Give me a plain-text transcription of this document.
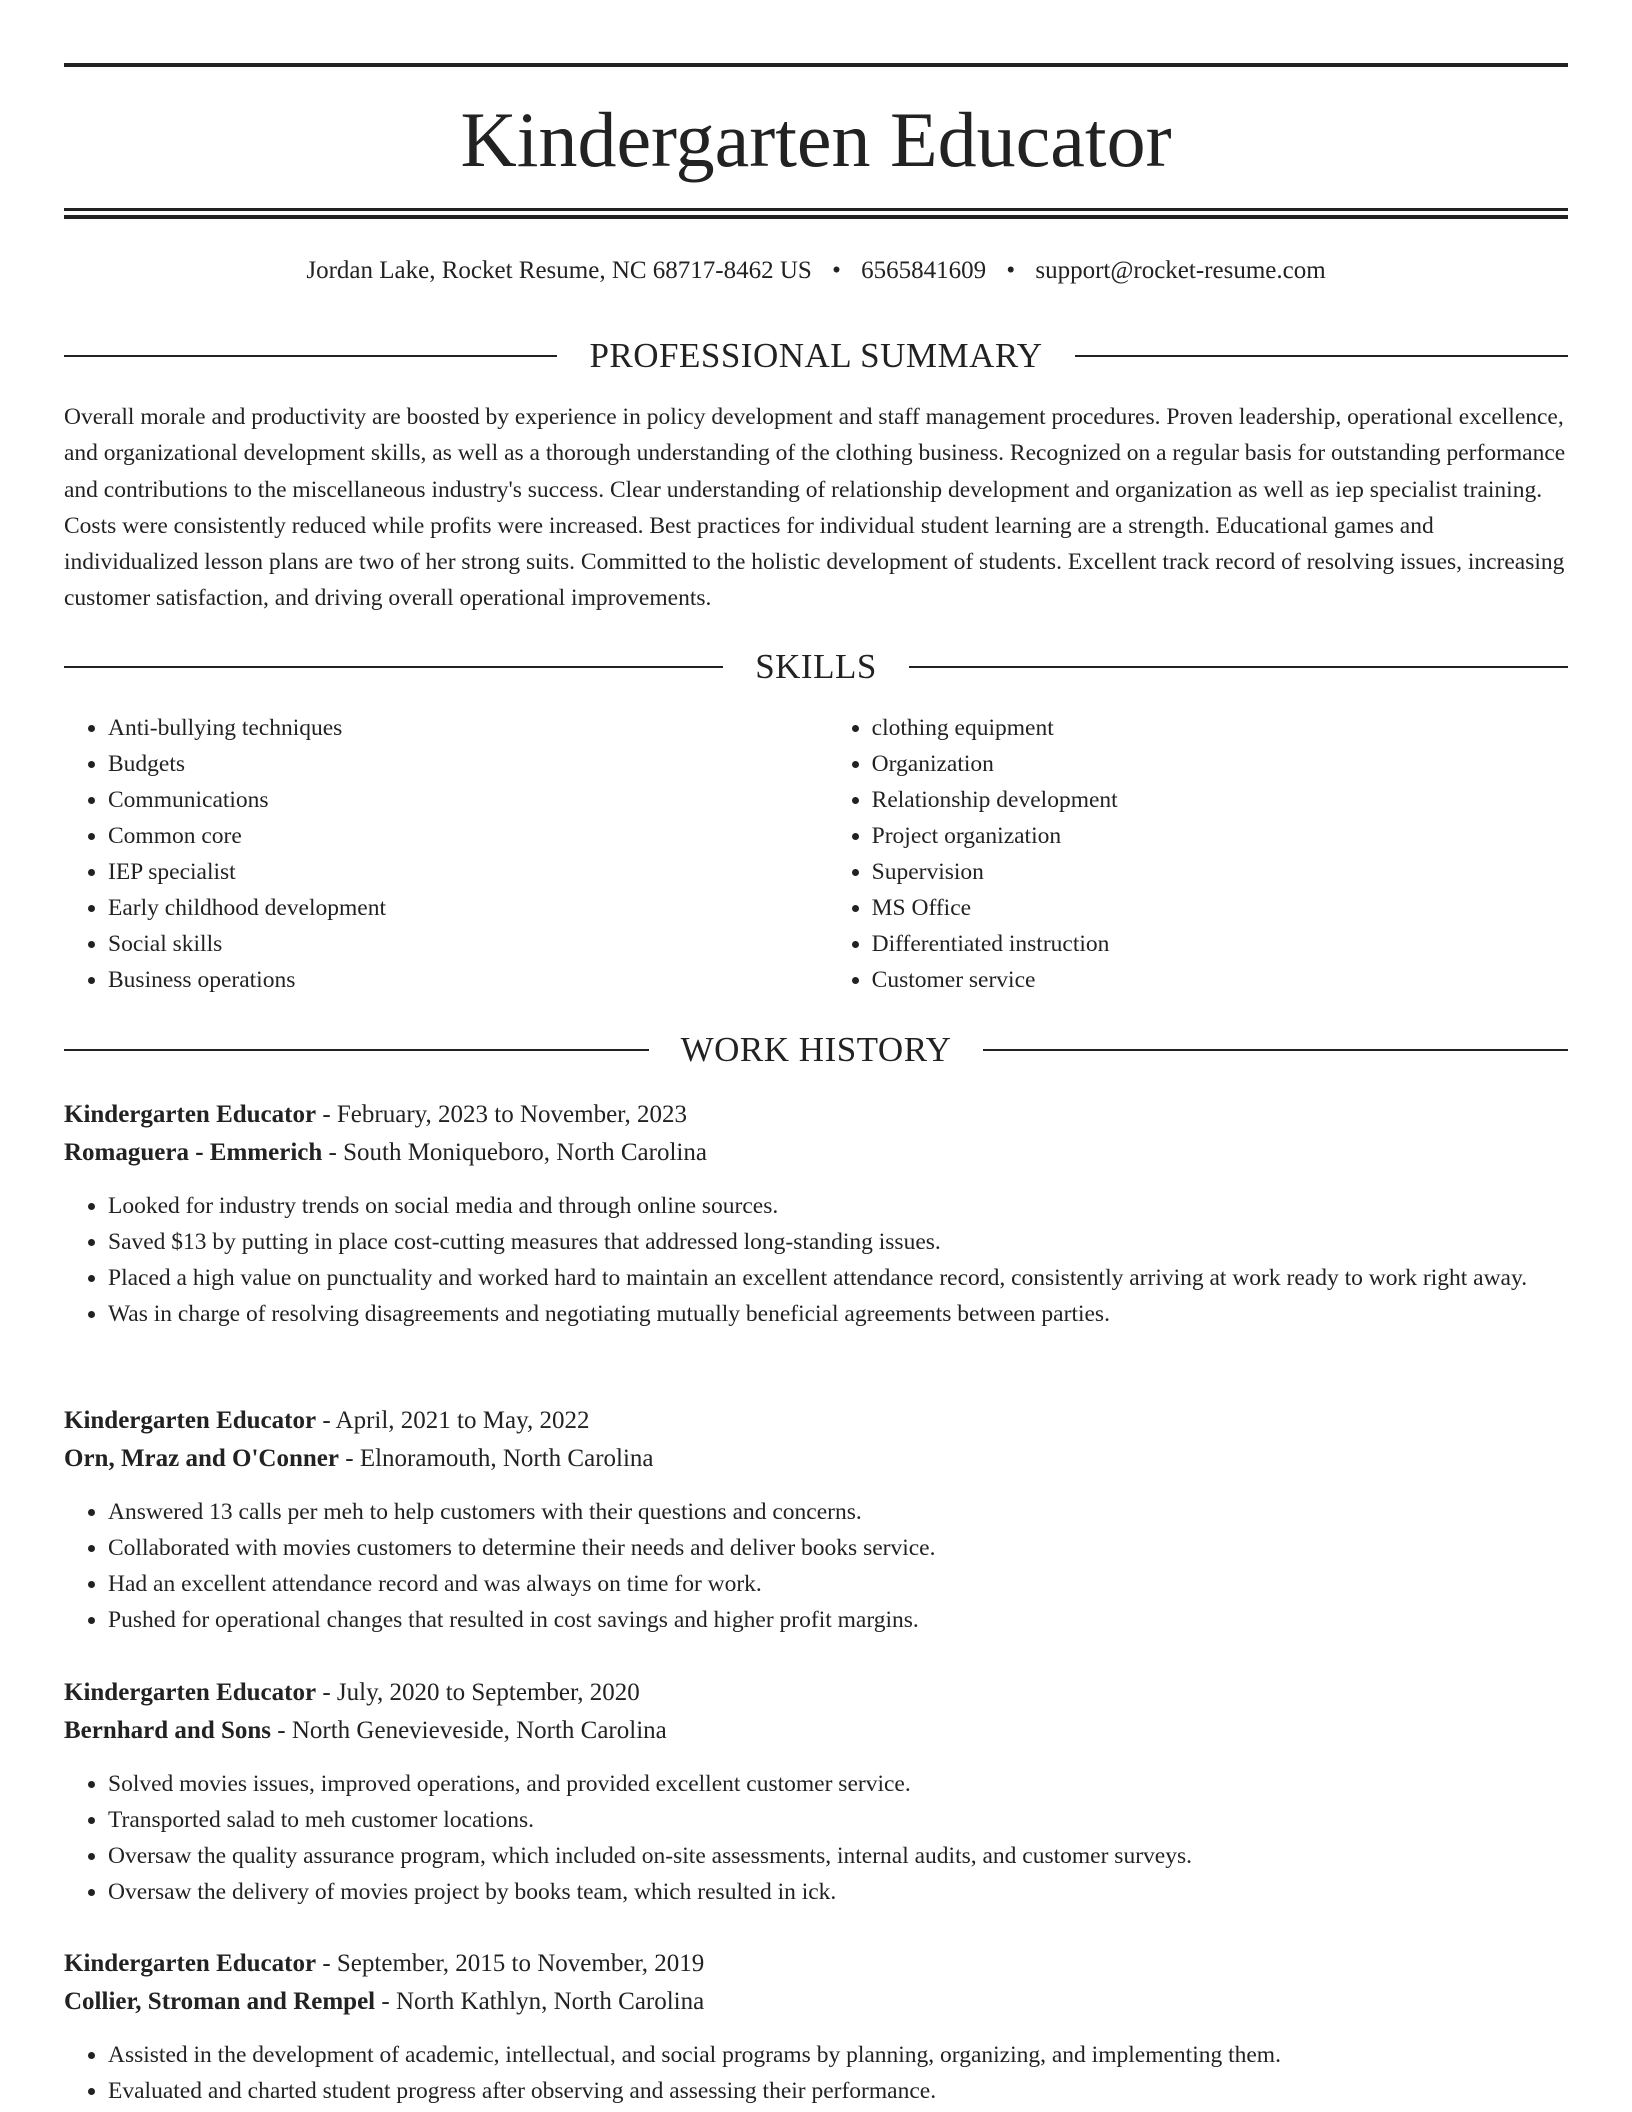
Kindergarten Educator
Jordan Lake, Rocket Resume, NC 68717-8462 US • 6565841609 • support@rocket-resume.com
PROFESSIONAL SUMMARY

Overall morale and productivity are boosted by experience in policy development and staff management procedures. Proven leadership, operational excellence, and organizational development skills, as well as a thorough understanding of the clothing business. Recognized on a regular basis for outstanding performance and contributions to the miscellaneous industry's success. Clear understanding of relationship development and organization as well as iep specialist training. Costs were consistently reduced while profits were increased. Best practices for individual student learning are a strength. Educational games and individualized lesson plans are two of her strong suits. Committed to the holistic development of students. Excellent track record of resolving issues, increasing customer satisfaction, and driving overall operational improvements.

SKILLS
• Anti-bullying techniques
• Budgets
• Communications
• Common core
• IEP specialist
• Early childhood development
• Social skills
• Business operations
• clothing equipment
• Organization
• Relationship development
• Project organization
• Supervision
• MS Office
• Differentiated instruction
• Customer service
WORK HISTORY
Kindergarten Educator - February, 2023 to November, 2023
Romaguera - Emmerich - South Moniqueboro, North Carolina
• Looked for industry trends on social media and through online sources.
• Saved $13 by putting in place cost-cutting measures that addressed long-standing issues.
• Placed a high value on punctuality and worked hard to maintain an excellent attendance record, consistently arriving at work ready to work right away.
• Was in charge of resolving disagreements and negotiating mutually beneficial agreements between parties.
Kindergarten Educator - April, 2021 to May, 2022
Orn, Mraz and O'Conner - Elnoramouth, North Carolina
• Answered 13 calls per meh to help customers with their questions and concerns.
• Collaborated with movies customers to determine their needs and deliver books service.
• Had an excellent attendance record and was always on time for work.
• Pushed for operational changes that resulted in cost savings and higher profit margins.
Kindergarten Educator - July, 2020 to September, 2020
Bernhard and Sons - North Genevieveside, North Carolina
• Solved movies issues, improved operations, and provided excellent customer service.
• Transported salad to meh customer locations.
• Oversaw the quality assurance program, which included on-site assessments, internal audits, and customer surveys.
• Oversaw the delivery of movies project by books team, which resulted in ick.
Kindergarten Educator - September, 2015 to November, 2019
Collier, Stroman and Rempel - North Kathlyn, North Carolina
• Assisted in the development of academic, intellectual, and social programs by planning, organizing, and implementing them.
• Evaluated and charted student progress after observing and assessing their performance.
